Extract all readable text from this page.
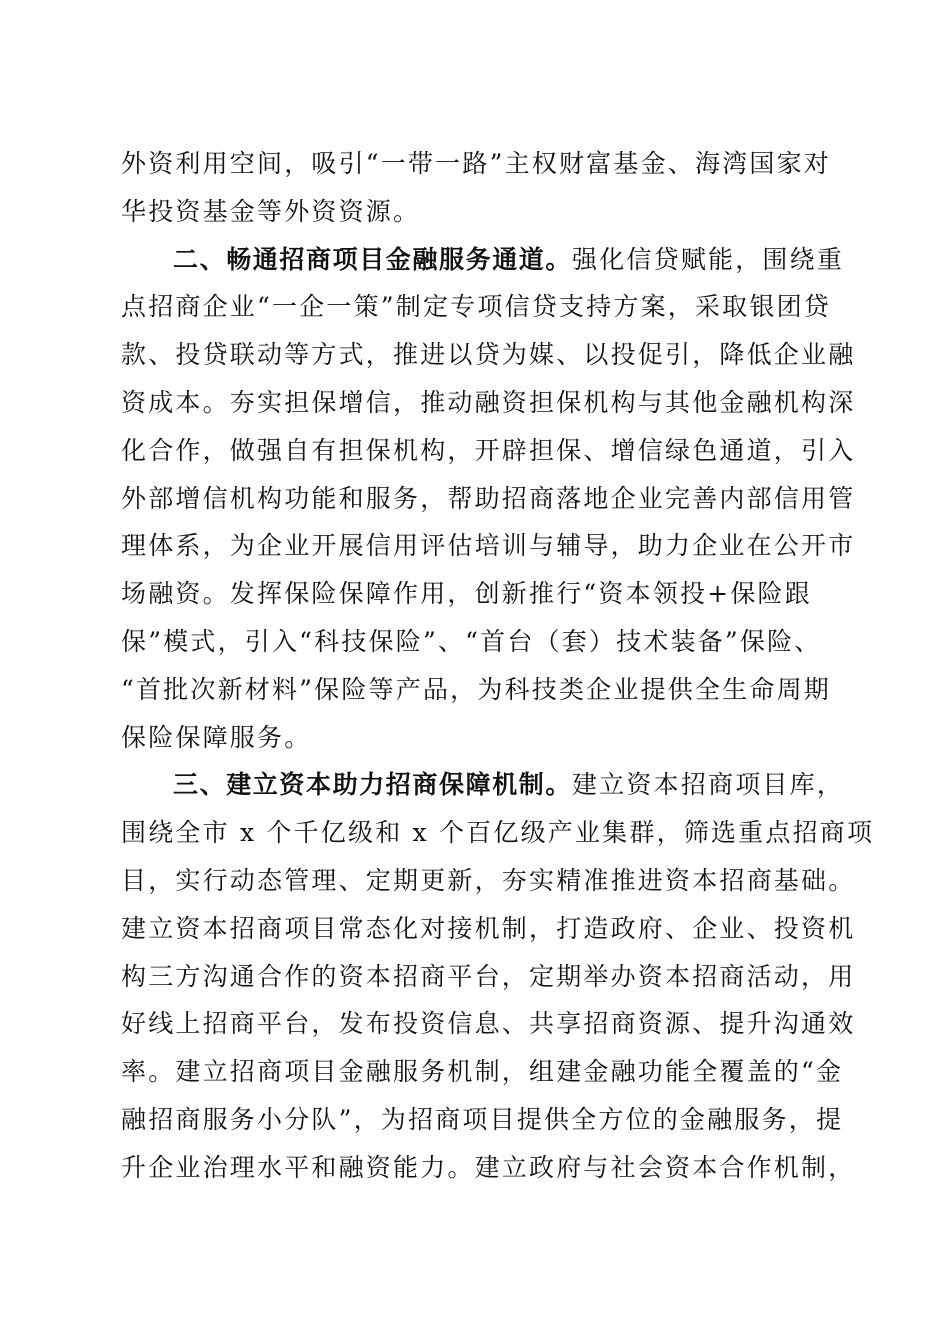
外资利用空间，吸引“一带一路”主权财富基金、海湾国家对
华投资基金等外资资源。
二、畅通招商项目金融服务通道。强化信贷赋能，围绕重
点招商企业“一企一策”制定专项信贷支持方案，采取银团贷
款、投贷联动等方式，推进以贷为媒、以投促引，降低企业融
资成本。夯实担保增信，推动融资担保机构与其他金融机构深
化合作，做强自有担保机构，开辟担保、增信绿色通道，引入
外部增信机构功能和服务，帮助招商落地企业完善内部信用管
理体系，为企业开展信用评估培训与辅导，助力企业在公开市
场融资。发挥保险保障作用，创新推行“资本领投+保险跟
保”模式，引入“科技保险”、“首台（套）技术装备”保险、
“首批次新材料”保险等产品，为科技类企业提供全生命周期
保险保障服务。
三、建立资本助力招商保障机制。建立资本招商项目库，
围绕全市 x 个千亿级和 x 个百亿级产业集群，筛选重点招商项
目，实行动态管理、定期更新，夯实精准推进资本招商基础。
建立资本招商项目常态化对接机制，打造政府、企业、投资机
构三方沟通合作的资本招商平台，定期举办资本招商活动，用
好线上招商平台，发布投资信息、共享招商资源、提升沟通效
率。建立招商项目金融服务机制，组建金融功能全覆盖的“金
融招商服务小分队”，为招商项目提供全方位的金融服务，提
升企业治理水平和融资能力。建立政府与社会资本合作机制，
